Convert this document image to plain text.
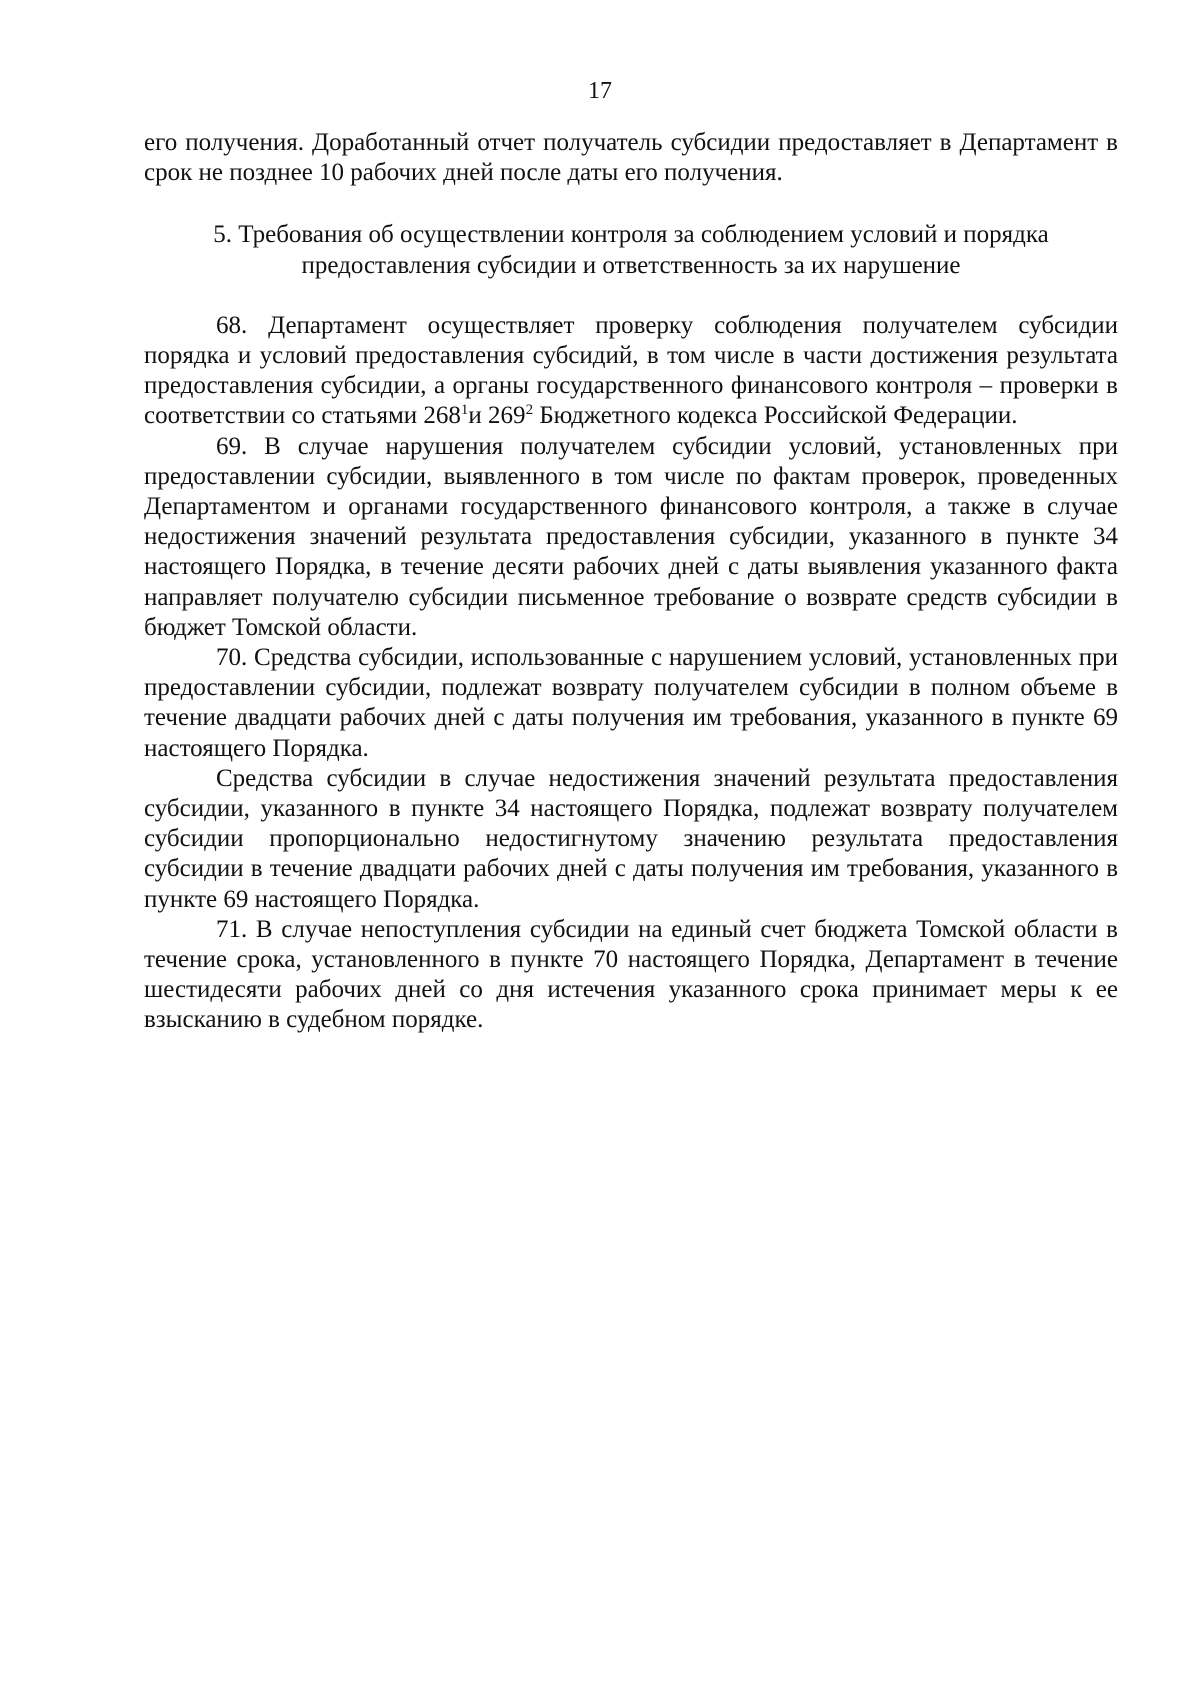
17

его получения. Доработанный отчет получатель субсидии предоставляет в Департамент в срок не позднее 10 рабочих дней после даты его получения.

5. Требования об осуществлении контроля за соблюдением условий и порядка
предоставления субсидии и ответственность за их нарушение

68. Департамент осуществляет проверку соблюдения получателем субсидии порядка и условий предоставления субсидий, в том числе в части достижения результата предоставления субсидии, а органы государственного финансового контроля – проверки в соответствии со статьями $268^1и$ $269^2$ Бюджетного кодекса Российской Федерации.

69. В случае нарушения получателем субсидии условий, установленных при предоставлении субсидии, выявленного в том числе по фактам проверок, проведенных Департаментом и органами государственного финансового контроля, а также в случае недостижения значений результата предоставления субсидии, указанного в пункте 34 настоящего Порядка, в течение десяти рабочих дней с даты выявления указанного факта направляет получателю субсидии письменное требование о возврате средств субсидии в бюджет Томской области.

70. Средства субсидии, использованные с нарушением условий, установленных при предоставлении субсидии, подлежат возврату получателем субсидии в полном объеме в течение двадцати рабочих дней с даты получения им требования, указанного в пункте 69 настоящего Порядка.

Средства субсидии в случае недостижения значений результата предоставления субсидии, указанного в пункте 34 настоящего Порядка, подлежат возврату получателем субсидии пропорционально недостигнутому значению результата предоставления субсидии в течение двадцати рабочих дней с даты получения им требования, указанного в пункте 69 настоящего Порядка.

71. В случае непоступления субсидии на единый счет бюджета Томской области в течение срока, установленного в пункте 70 настоящего Порядка, Департамент в течение шестидесяти рабочих дней со дня истечения указанного срока принимает меры к ее взысканию в судебном порядке.
